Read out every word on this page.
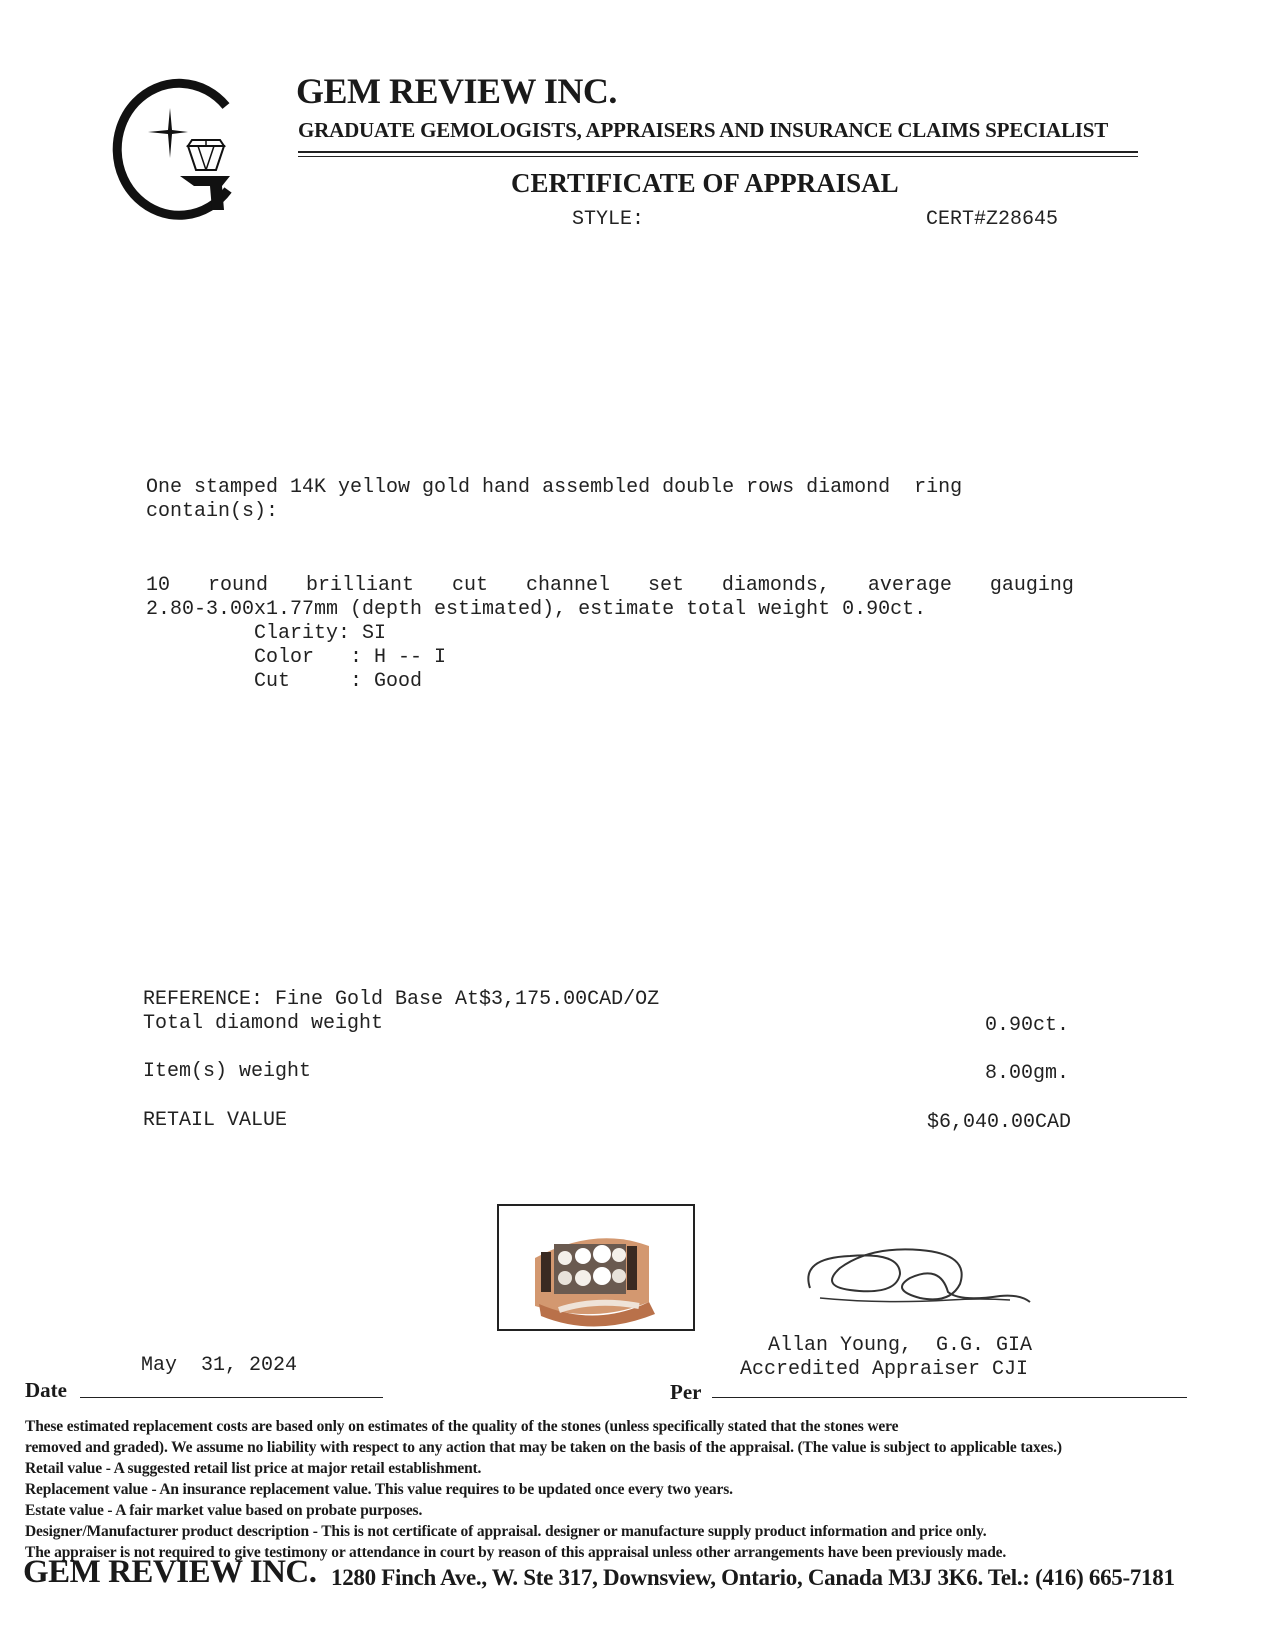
GEM REVIEW INC.
GRADUATE GEMOLOGISTS, APPRAISERS AND INSURANCE CLAIMS SPECIALIST
CERTIFICATE OF APPRAISAL
STYLE:	CERT#Z28645
One stamped 14K yellow gold hand assembled double rows diamond  ring
contain(s):
10 round brilliant cut channel set diamonds, average gauging
2.80-3.00x1.77mm (depth estimated), estimate total weight 0.90ct.
Clarity: SI
Color   : H -- I
Cut     : Good
REFERENCE: Fine Gold Base At$3,175.00CAD/OZ
Total diamond weight	0.90ct.
Item(s) weight	8.00gm.
RETAIL VALUE	$6,040.00CAD
Allan Young,  G.G. GIA
Accredited Appraiser CJI
May  31, 2024
Date	Per
These estimated replacement costs are based only on estimates of the quality of the stones (unless specifically stated that the stones were
removed and graded). We assume no liability with respect to any action that may be taken on the basis of the appraisal. (The value is subject to applicable taxes.)
Retail value - A suggested retail list price at major retail establishment.
Replacement value - An insurance replacement value. This value requires to be updated once every two years.
Estate value - A fair market value based on probate purposes.
Designer/Manufacturer product description - This is not certificate of appraisal. designer or manufacture supply product information and price only.
The appraiser is not required to give testimony or attendance in court by reason of this appraisal unless other arrangements have been previously made.
GEM REVIEW INC. 1280 Finch Ave., W. Ste 317, Downsview, Ontario, Canada M3J 3K6. Tel.: (416) 665-7181
